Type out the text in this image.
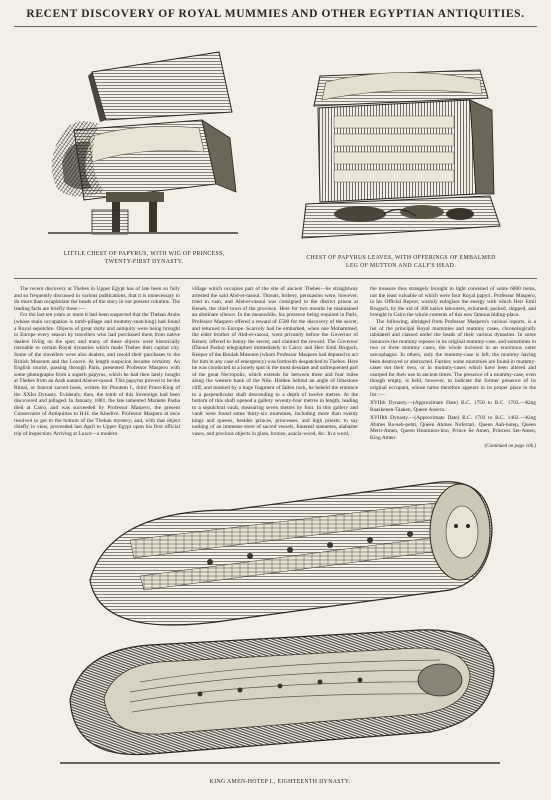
RECENT DISCOVERY OF ROYAL MUMMIES AND OTHER EGYPTIAN ANTIQUITIES.
LITTLE CHEST OF PAPYRUS, WITH WIG OF PRINCESS,
TWENTY-FIRST DYNASTY.
CHEST OF PAPYRUS LEAVES, WITH OFFERINGS OF EMBALMED
LEG OF MUTTON AND CALF'S HEAD.

The recent discovery at Thebes in Upper Egypt has of late been so fully and so frequently discussed in various publications, that it is unnecessary to do more than recapitulate the heads of the story in our present columns. The leading facts are briefly these :—

For the last ten years or more it had been suspected that the Theban Arabs (whose main occupation is tomb-pillage and mummy-snatching) had found a Royal sepulchre. Objects of great rarity and antiquity were being brought to Europe every season by travellers who had purchased them from native dealers living on the spot; and many of these objects were historically traceable to certain Royal dynasties which made Thebes their capital city. Some of the travellers were also dealers, and resold their purchases to the British Museum and the Louvre. At length suspicion became certainty. An English tourist, passing through Paris, presented Professor Maspero with some photographs from a superb papyrus, which he had then lately bought at Thebes from an Arab named Abd-er-rasoul. This papyrus proved to be the Ritual, or funeral sacred book, written for Pinotem I., third Priest-King of the XXIst Dynasty. Evidently, then, the tomb of this Sovereign had been discovered and pillaged. In January, 1881, the late lamented Mariette Pasha died at Cairo, and was succeeded by Professor Maspero, the present Conservator of Antiquities to H.H. the Khedive. Professor Maspero at once resolved to get to the bottom of the Theban mystery; and, with that object chiefly in view, proceeded last April to Upper Egypt upon his first official trip of inspection. Arriving at Luxor—a modern

village which occupies part of the site of ancient Thebes—he straightway arrested the said Abd-er-rasoul. Threats, bribery, persuasion were, however, tried in vain, and Abd-er-rasoul was consigned to the district prison at Keneh, the chief town of the province. Here for two months he maintained an obstinate silence. In the meanwhile, his presence being required in Paris, Professor Maspero offered a reward of £500 for the discovery of the secret, and returned to Europe. Scarcely had he embarked, when one Mohammed, the elder brother of Abd-er-rasoul, went privately before the Governor of Keneh; offered to betray the secret; and claimed the reward. The Governor (Daoud Pasha) telegraphed immediately to Cairo; and Herr Emil Brugsch, Keeper of the Boulak Museum (whom Professor Maspero had deputed to act for him in any case of emergency) was forthwith despatched to Thebes. Here he was conducted to a lonely spot in the most desolate and unfrequented part of the great Necropolis, which extends for between three and four miles along the western bank of the Nile. Hidden behind an angle of limestone cliff, and masked by a huge fragment of fallen rock, he beheld the entrance to a perpendicular shaft descending to a depth of twelve metres. At the bottom of this shaft opened a gallery seventy-four metres in length, leading to a sepulchral vault, measuring seven metres by four. In this gallery and vault were found some thirty-six mummies, including more than twenty kings and queens, besides princes, princesses, and high priests; to say nothing of an immense store of sacred vessels, funereal statuettes, alabaster vases, and precious objects in glass, bronze, acacia-wood, &c. In a word,

the treasure thus strangely brought to light consisted of some 6000 items, not the least valuable of which were four Royal papyri. Professor Maspero, in his Official Report, warmly eulogises the energy with which Herr Emil Brugsch, by the aid of 300 native labourers, exhumed, packed, shipped, and brought to Cairo the whole contents of this new famous hiding-place.

The following, abridged from Professor Maspero's various reports, is a list of the principal Royal mummies and mummy cases, chronologically tabulated and classed under the heads of their various dynasties. In some instances the mummy reposes in its original mummy-case, and sometimes in two or three mummy cases, the whole inclosed in an enormous outer sarcophagus. In others, only the mummy-case is left, the mummy having been destroyed or abstracted. Further, some mummies are found in mummy-cases not their own, or in mummy-cases which have been altered and usurped for their use in ancient times. The presence of a mummy-case, even though empty, is held, however, to indicate the former presence of its original occupant, whose name therefore appears in its proper place in the list :—

XVIIth Dynasty.—(Approximate Date) B.C. 1750 to B.C. 1703.—King Raaskenen-Taaken, Queen Ansera.

XVIIIth Dynasty.—(Approximate Date) B.C. 1703 to B.C. 1462.—King Ahmes Ra-neb-pehti, Queen Ahmes Nofertari, Queen Aah-hotep, Queen Merit-Amen, Queen Hontimoo-hoo, Prince Se Amen, Princess Set-Amen, King Amen-

(Continued on page 106.)
KING AMEN-HOTEP I., EIGHTEENTH DYNASTY.
